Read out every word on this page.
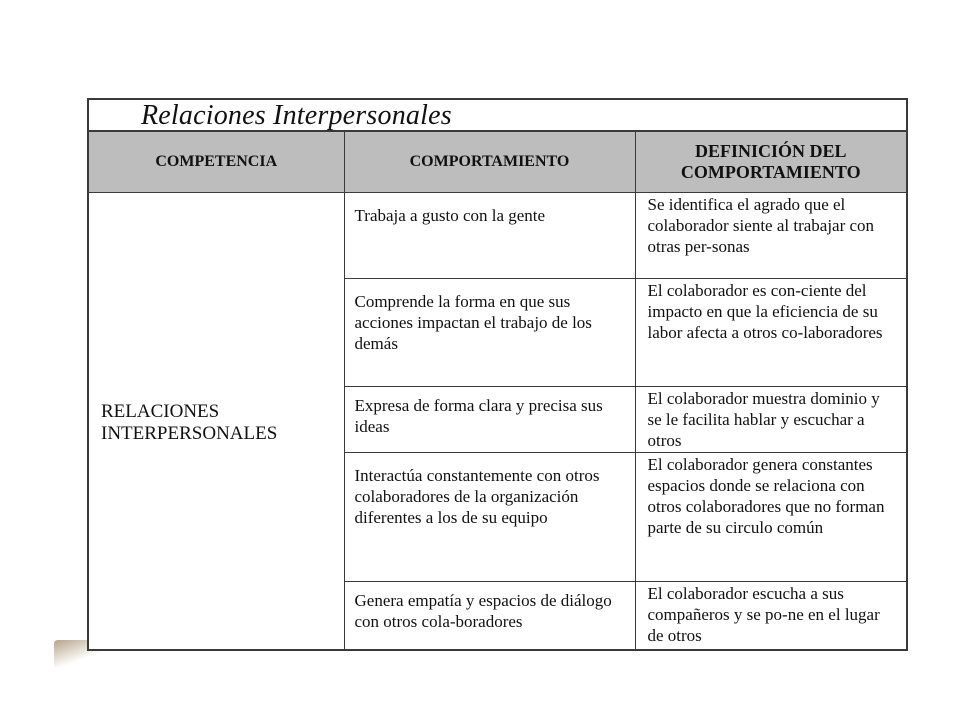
Relaciones Interpersonales
COMPETENCIA	COMPORTAMIENTO	DEFINICIÓN DEL COMPORTAMIENTO
RELACIONES INTERPERSONALES	Trabaja a gusto con la gente	Se identifica el agrado que el colaborador siente al trabajar con otras per-sonas
	Comprende la forma en que sus acciones impactan el trabajo de los demás	El colaborador es con-ciente del impacto en que la eficiencia de su labor afecta a otros co-laboradores
	Expresa de forma clara y precisa sus ideas	El colaborador muestra dominio y se le facilita hablar y escuchar a otros
	Interactúa constantemente con otros colaboradores de la organización diferentes a los de su equipo	El colaborador genera constantes espacios donde se relaciona con otros colaboradores que no forman parte de su circulo común
	Genera empatía y espacios de diálogo con otros cola-boradores	El colaborador escucha a sus compañeros y se po-ne en el lugar de otros
